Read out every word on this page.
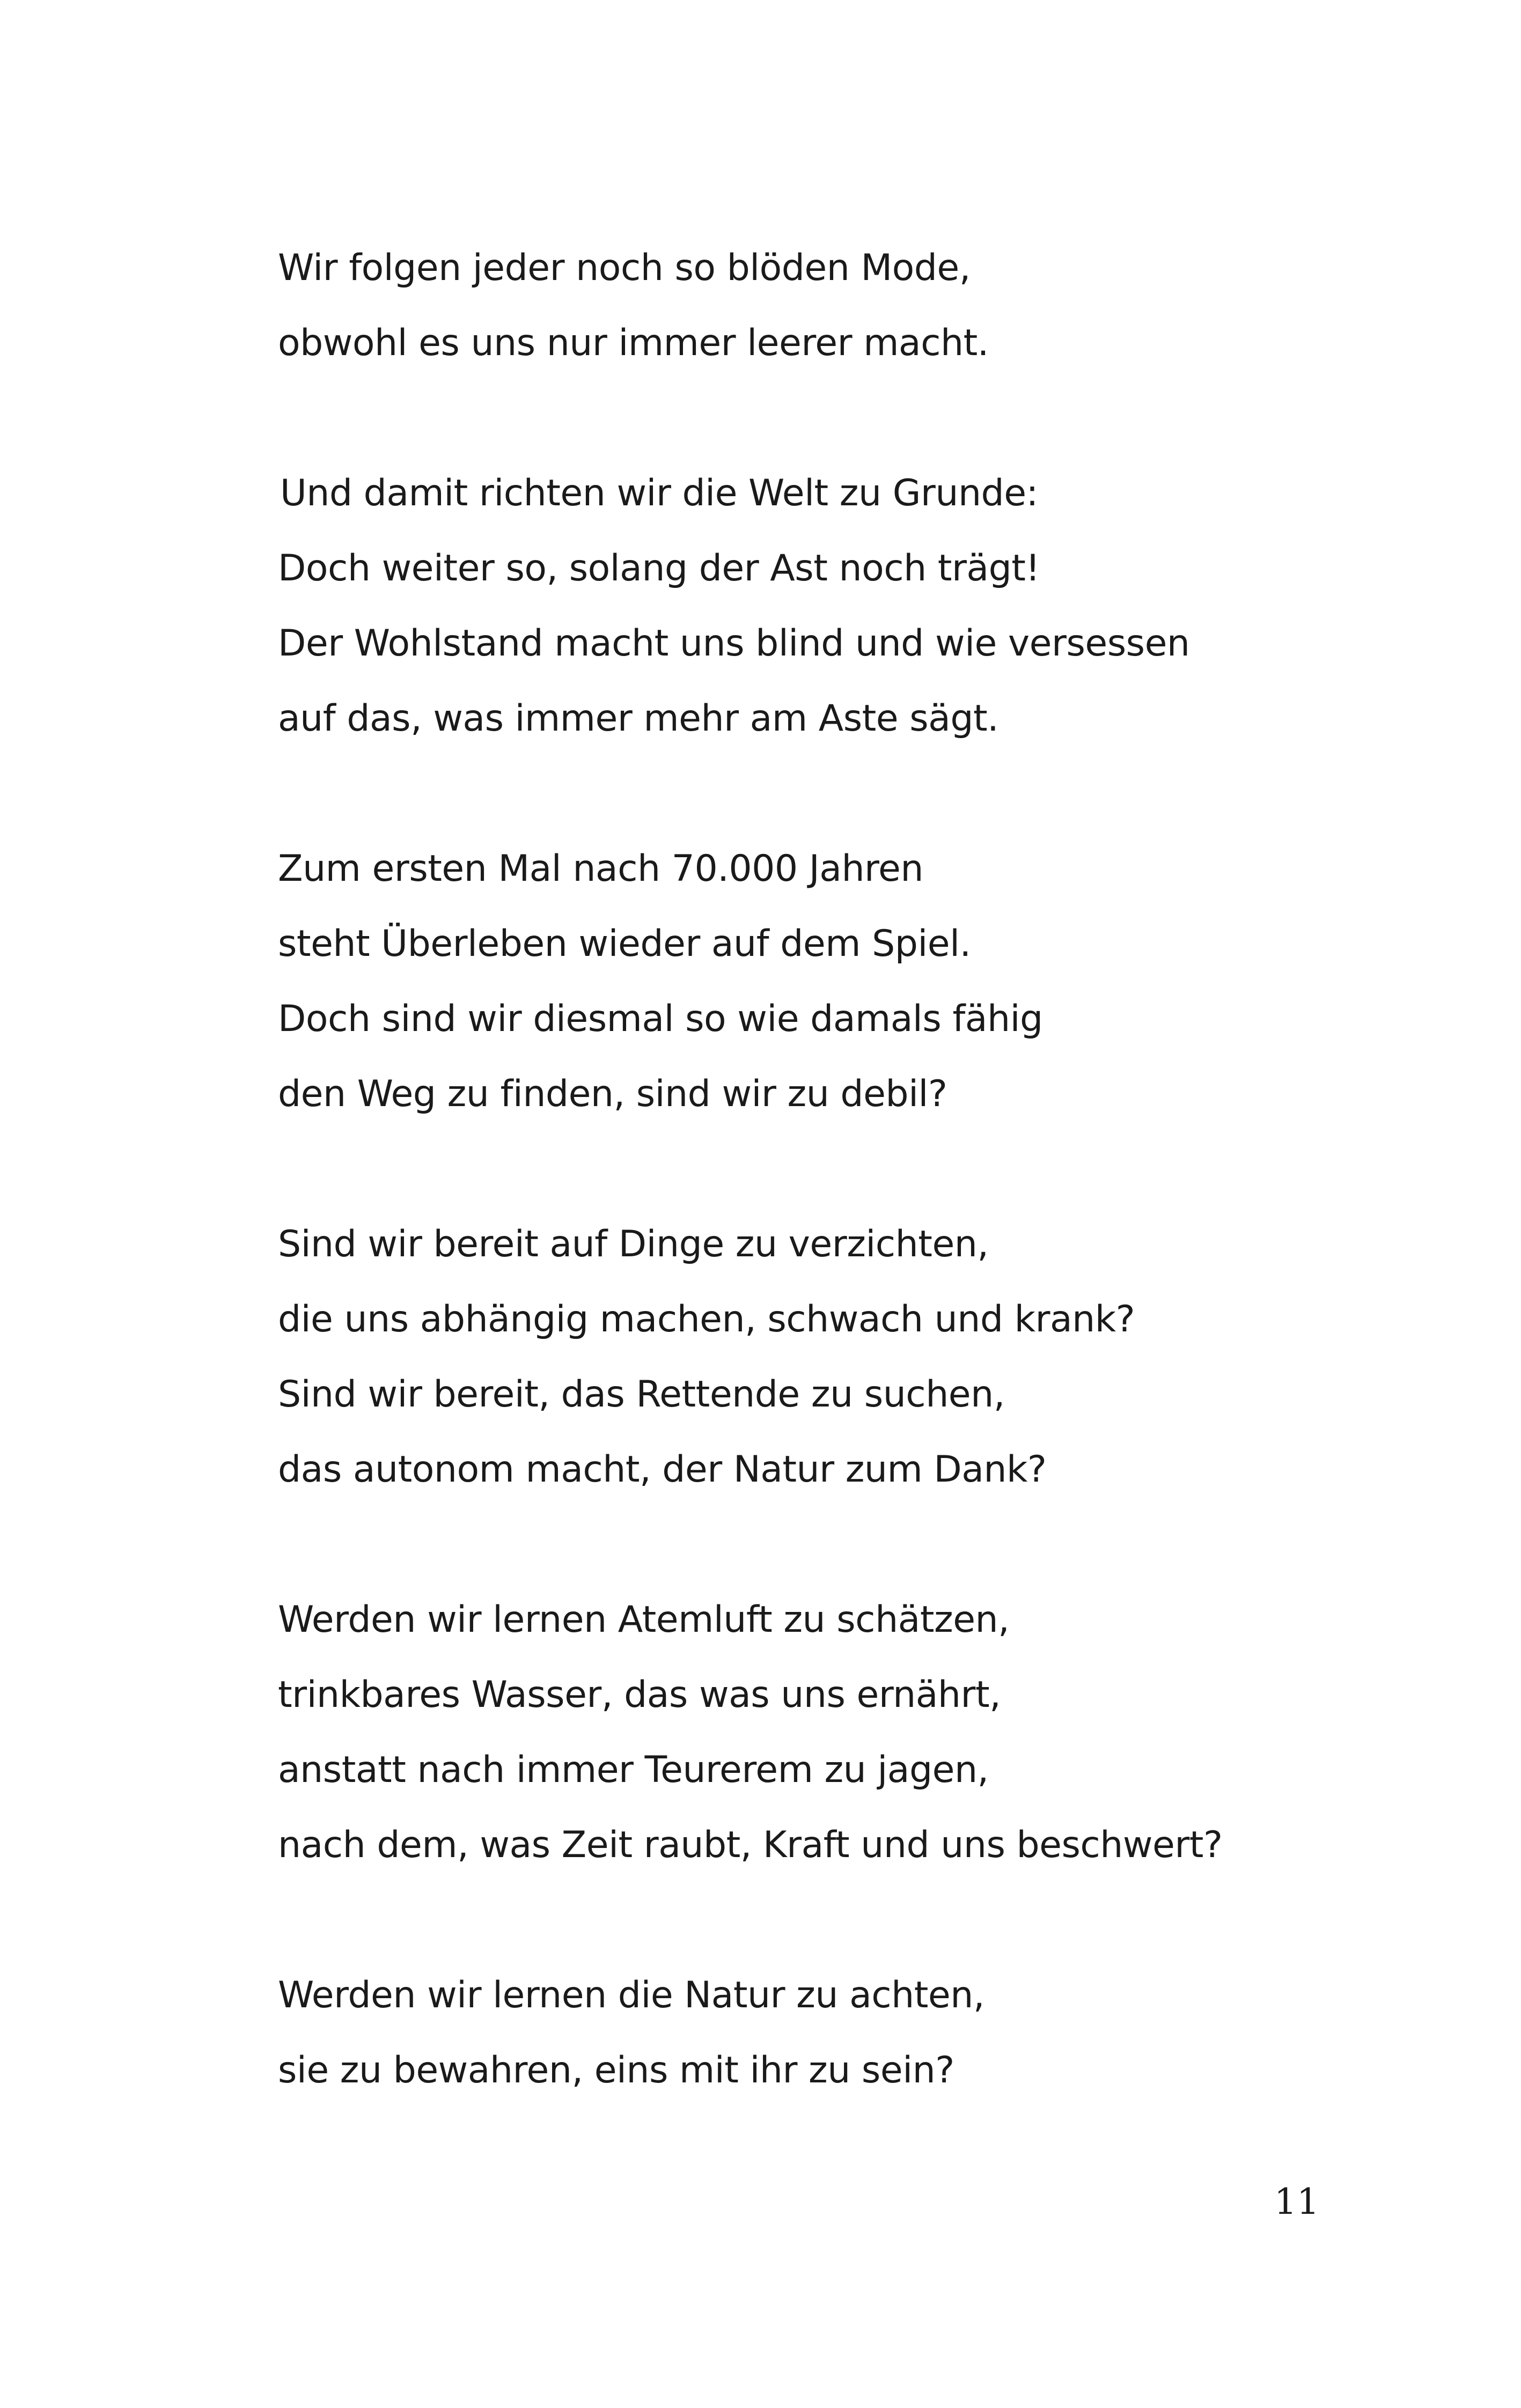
Wir folgen jeder noch so blöden Mode,
obwohl es uns nur immer leerer macht.
Und damit richten wir die Welt zu Grunde:
Doch weiter so, solang der Ast noch trägt!
Der Wohlstand macht uns blind und wie versessen
auf das, was immer mehr am Aste sägt.
Zum ersten Mal nach 70.000 Jahren
steht Überleben wieder auf dem Spiel.
Doch sind wir diesmal so wie damals fähig
den Weg zu finden, sind wir zu debil?
Sind wir bereit auf Dinge zu verzichten,
die uns abhängig machen, schwach und krank?
Sind wir bereit, das Rettende zu suchen,
das autonom macht, der Natur zum Dank?
Werden wir lernen Atemluft zu schätzen,
trinkbares Wasser, das was uns ernährt,
anstatt nach immer Teurerem zu jagen,
nach dem, was Zeit raubt, Kraft und uns beschwert?
Werden wir lernen die Natur zu achten,
sie zu bewahren, eins mit ihr zu sein?
11
